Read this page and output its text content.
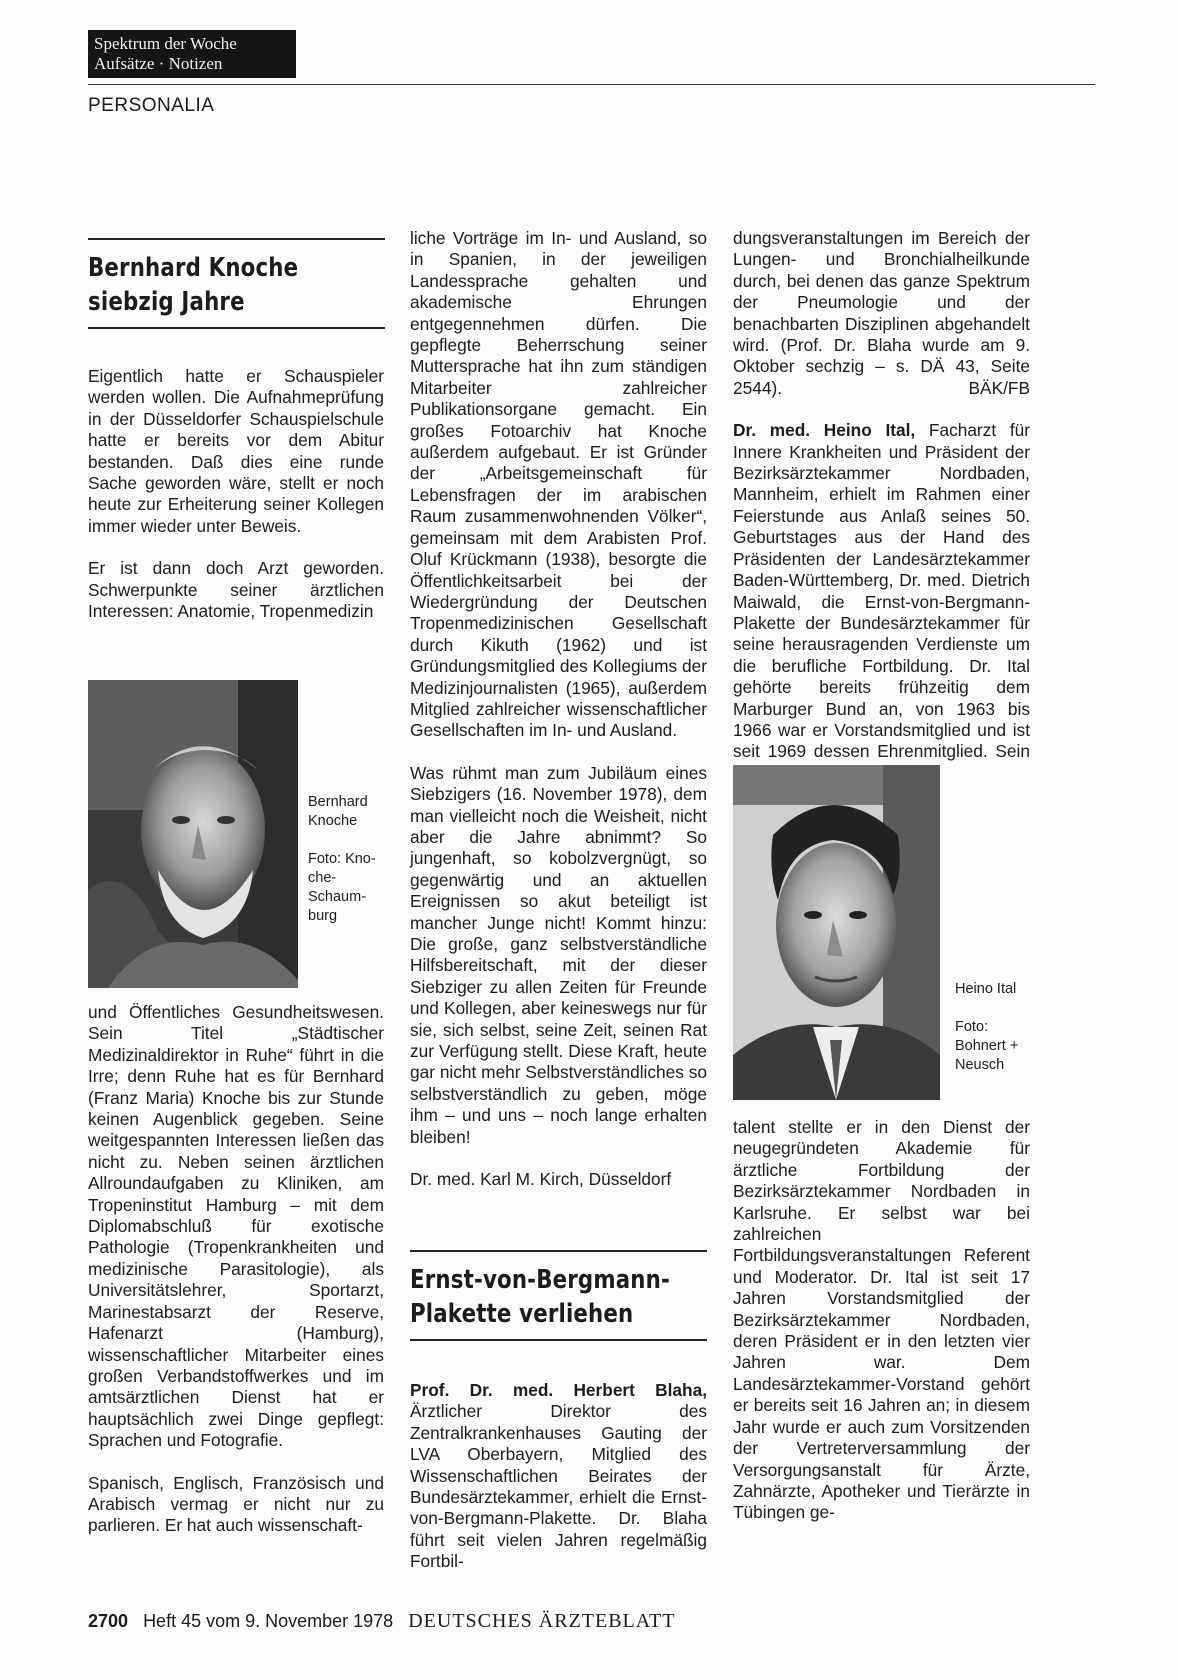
Spektrum der Woche
Aufsätze · Notizen
PERSONALIA
Bernhard Knoche
siebzig Jahre

Eigentlich hatte er Schauspieler werden wollen. Die Aufnahmeprüfung in der Düsseldorfer Schauspielschule hatte er bereits vor dem Abitur bestanden. Daß dies eine runde Sache geworden wäre, stellt er noch heute zur Erheiterung seiner Kollegen immer wieder unter Beweis.

Er ist dann doch Arzt geworden. Schwerpunkte seiner ärztlichen Interessen: Anatomie, Tropenmedizin

Bernhard
Knoche
Foto: Kno-
che-
Schaum-
burg

und Öffentliches Gesundheitswesen. Sein Titel „Städtischer Medizinaldirektor in Ruhe“ führt in die Irre; denn Ruhe hat es für Bernhard (Franz Maria) Knoche bis zur Stunde keinen Augenblick gegeben. Seine weitgespannten Interessen ließen das nicht zu. Neben seinen ärztlichen Allroundaufgaben zu Kliniken, am Tropeninstitut Hamburg – mit dem Diplomabschluß für exotische Pathologie (Tropenkrankheiten und medizinische Parasitologie), als Universitätslehrer, Sportarzt, Marinestabsarzt der Reserve, Hafenarzt (Hamburg), wissenschaftlicher Mitarbeiter eines großen Verbandstoffwerkes und im amtsärztlichen Dienst hat er hauptsächlich zwei Dinge gepflegt: Sprachen und Fotografie.

Spanisch, Englisch, Französisch und Arabisch vermag er nicht nur zu parlieren. Er hat auch wissenschaft-

liche Vorträge im In- und Ausland, so in Spanien, in der jeweiligen Landessprache gehalten und akademische Ehrungen entgegennehmen dürfen. Die gepflegte Beherrschung seiner Muttersprache hat ihn zum ständigen Mitarbeiter zahlreicher Publikationsorgane gemacht. Ein großes Fotoarchiv hat Knoche außerdem aufgebaut. Er ist Gründer der „Arbeitsgemeinschaft für Lebensfragen der im arabischen Raum zusammenwohnenden Völker“, gemeinsam mit dem Arabisten Prof. Oluf Krückmann (1938), besorgte die Öffentlichkeitsarbeit bei der Wiedergründung der Deutschen Tropenmedizinischen Gesellschaft durch Kikuth (1962) und ist Gründungsmitglied des Kollegiums der Medizinjournalisten (1965), außerdem Mitglied zahlreicher wissenschaftlicher Gesellschaften im In- und Ausland.

Was rühmt man zum Jubiläum eines Siebzigers (16. November 1978), dem man vielleicht noch die Weisheit, nicht aber die Jahre abnimmt? So jungenhaft, so kobolzvergnügt, so gegenwärtig und an aktuellen Ereignissen so akut beteiligt ist mancher Junge nicht! Kommt hinzu: Die große, ganz selbstverständliche Hilfsbereitschaft, mit der dieser Siebziger zu allen Zeiten für Freunde und Kollegen, aber keineswegs nur für sie, sich selbst, seine Zeit, seinen Rat zur Verfügung stellt. Diese Kraft, heute gar nicht mehr Selbstverständliches so selbstverständlich zu geben, möge ihm – und uns – noch lange erhalten bleiben!

Dr. med. Karl M. Kirch, Düsseldorf

Ernst-von-Bergmann-
Plakette verliehen

Prof. Dr. med. Herbert Blaha, Ärztlicher Direktor des Zentralkrankenhauses Gauting der LVA Oberbayern, Mitglied des Wissenschaftlichen Beirates der Bundesärztekammer, erhielt die Ernst-von-Bergmann-Plakette. Dr. Blaha führt seit vielen Jahren regelmäßig Fortbil-

dungsveranstaltungen im Bereich der Lungen- und Bronchialheilkunde durch, bei denen das ganze Spektrum der Pneumologie und der benachbarten Disziplinen abgehandelt wird. (Prof. Dr. Blaha wurde am 9. Oktober sechzig – s. DÄ 43, Seite 2544).	BÄK/FB

Dr. med. Heino Ital, Facharzt für Innere Krankheiten und Präsident der Bezirksärztekammer Nordbaden, Mannheim, erhielt im Rahmen einer Feierstunde aus Anlaß seines 50. Geburtstages aus der Hand des Präsidenten der Landesärztekammer Baden-Württemberg, Dr. med. Dietrich Maiwald, die Ernst-von-Bergmann-Plakette der Bundesärztekammer für seine herausragenden Verdienste um die berufliche Fortbildung. Dr. Ital gehörte bereits frühzeitig dem Marburger Bund an, von 1963 bis 1966 war er Vorstandsmitglied und ist seit 1969 dessen Ehrenmitglied. Sein

Heino Ital
Foto:
Bohnert +
Neusch

talent stellte er in den Dienst der neugegründeten Akademie für ärztliche Fortbildung der Bezirksärztekammer Nordbaden in Karlsruhe. Er selbst war bei zahlreichen Fortbildungsveranstaltungen Referent und Moderator. Dr. Ital ist seit 17 Jahren Vorstandsmitglied der Bezirksärztekammer Nordbaden, deren Präsident er in den letzten vier Jahren war. Dem Landesärztekammer-Vorstand gehört er bereits seit 16 Jahren an; in diesem Jahr wurde er auch zum Vorsitzenden der Vertreterversammlung der Versorgungsanstalt für Ärzte, Zahnärzte, Apotheker und Tierärzte in Tübingen ge-

2700 Heft 45 vom 9. November 1978 DEUTSCHES ÄRZTEBLATT
